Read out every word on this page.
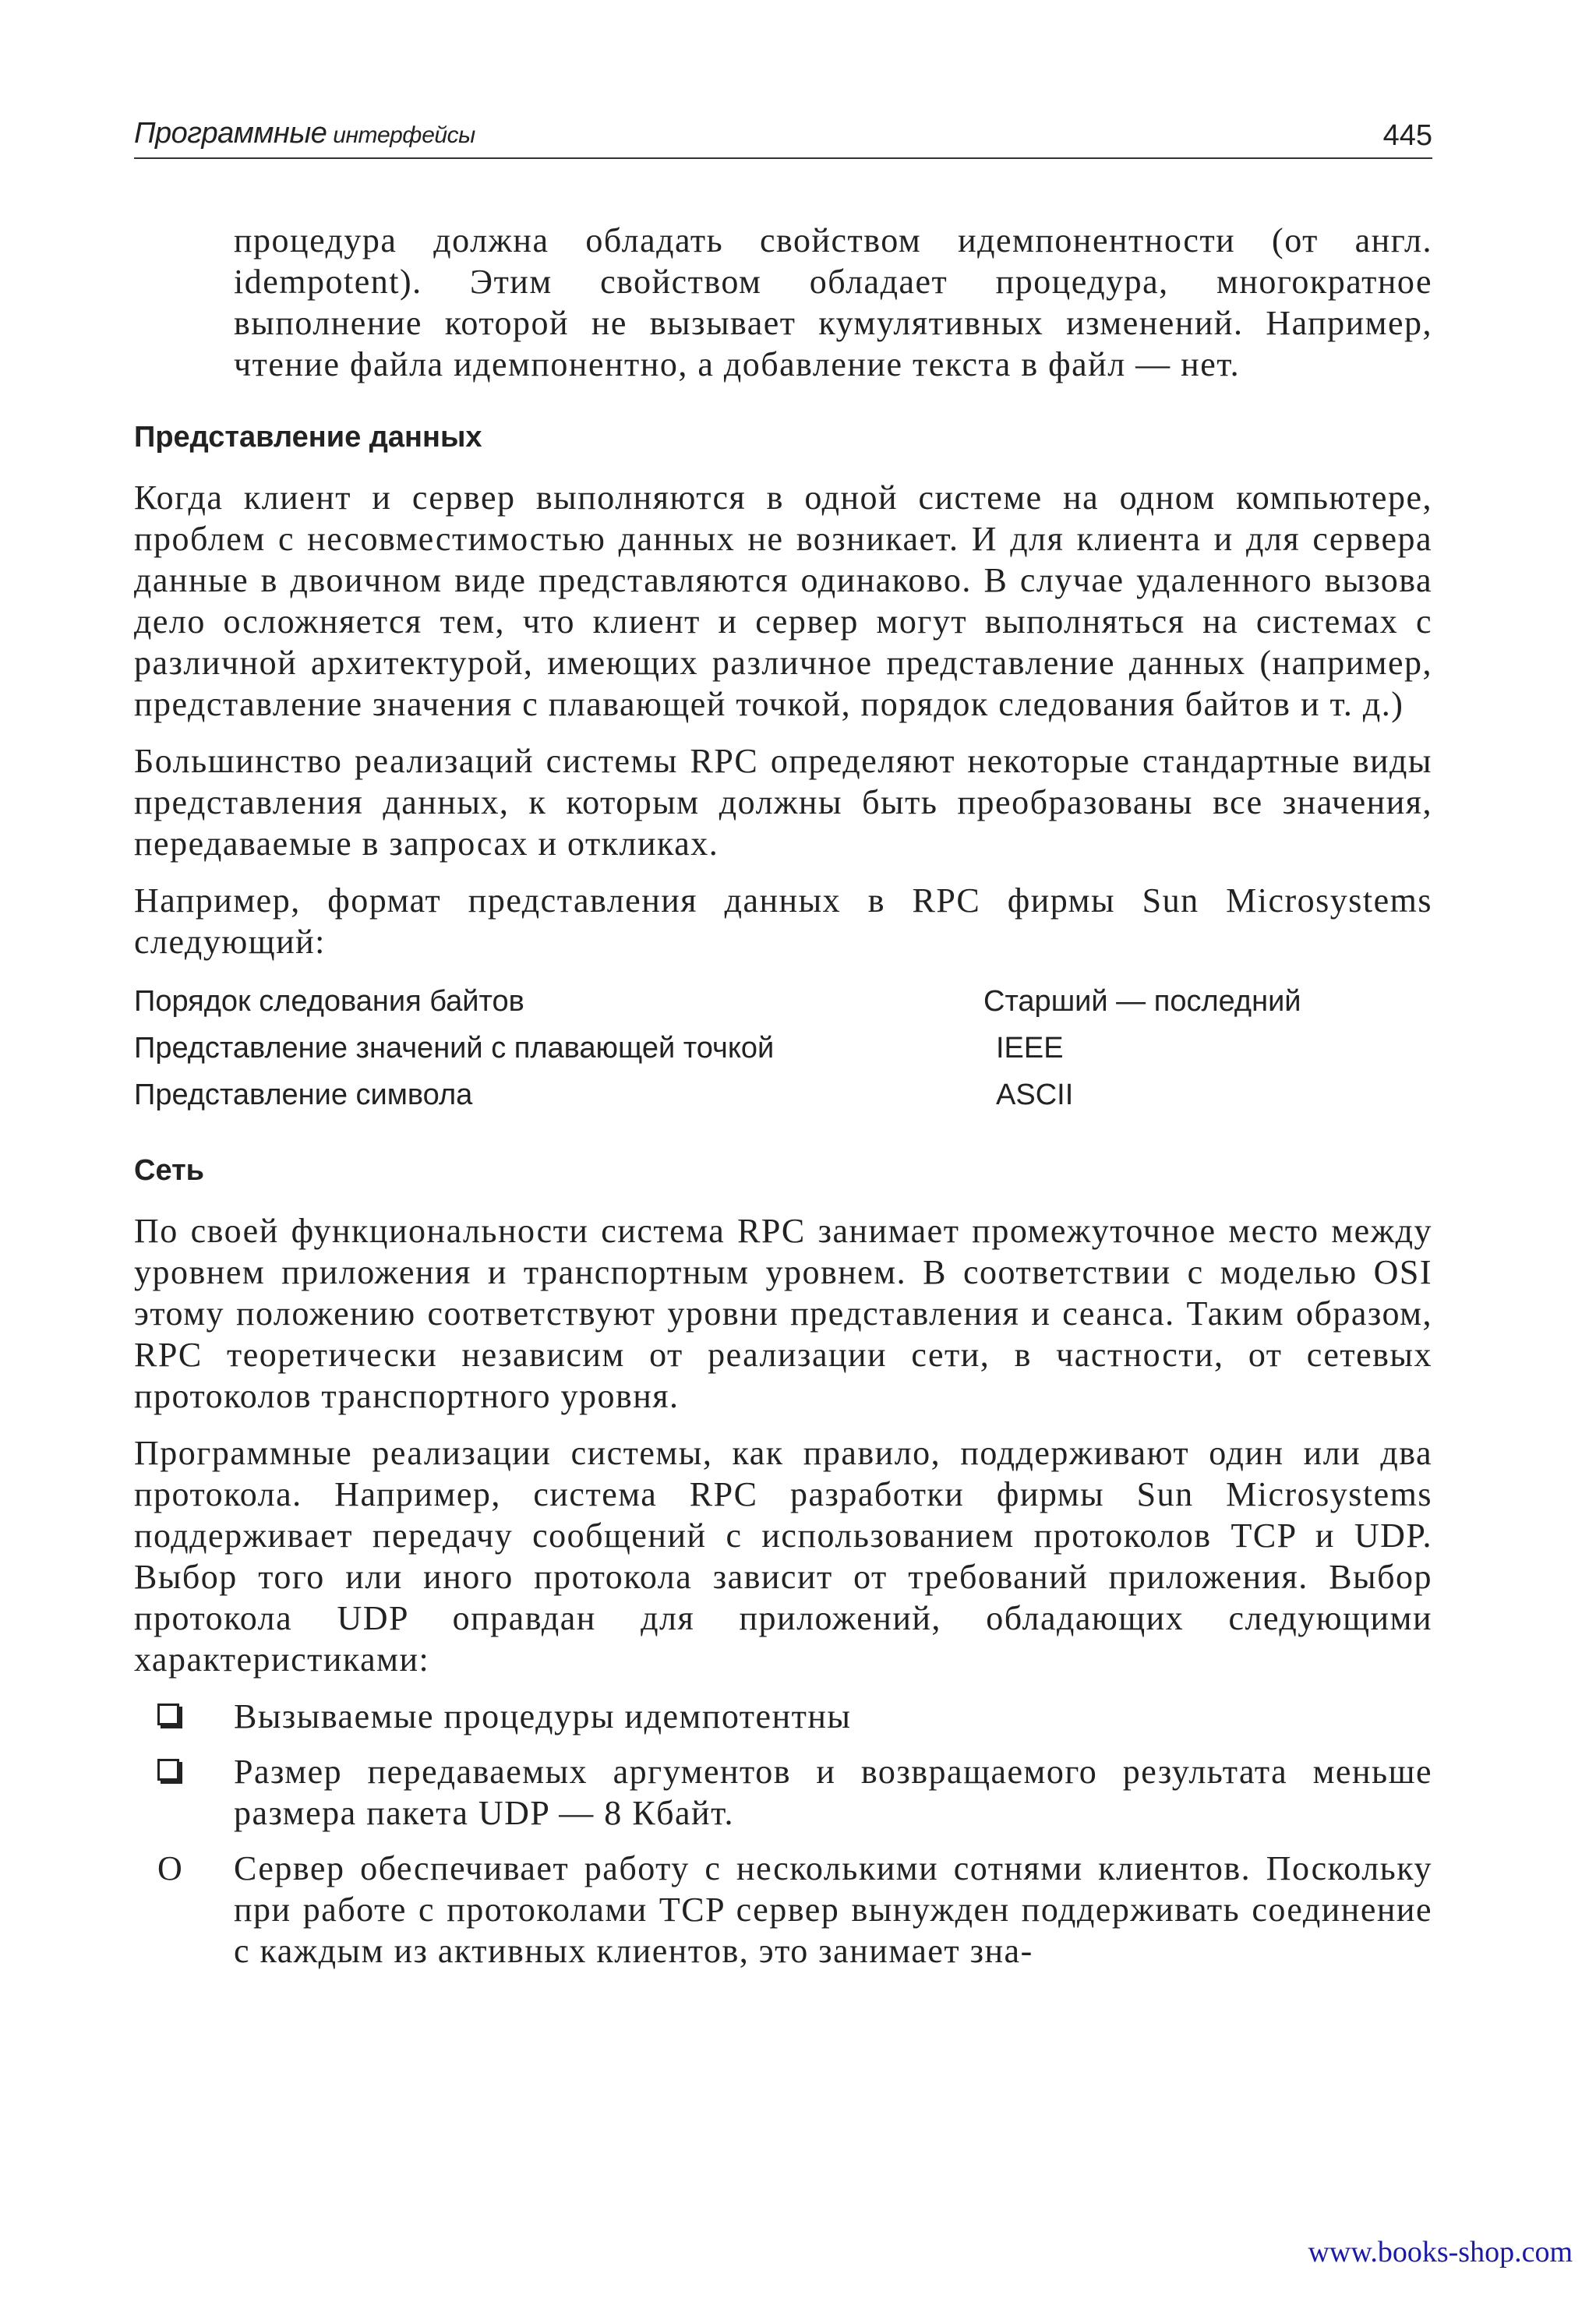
Программные интерфейсы	445

процедура должна обладать свойством идемпонентности (от англ. idempotent). Этим свойством обладает процедура, многократное выполнение которой не вызывает кумулятивных изменений. Например, чтение файла идемпонентно, а добавление текста в файл — нет.

Представление данных

Когда клиент и сервер выполняются в одной системе на одном компьютере, проблем с несовместимостью данных не возникает. И для клиента и для сервера данные в двоичном виде представляются одинаково. В случае удаленного вызова дело осложняется тем, что клиент и сервер могут выполняться на системах с различной архитектурой, имеющих различное представление данных (например, представление значения с плавающей точкой, порядок следования байтов и т. д.)

Большинство реализаций системы RPC определяют некоторые стандартные виды представления данных, к которым должны быть преобразованы все значения, передаваемые в запросах и откликах.

Например, формат представления данных в RPC фирмы Sun Microsystems следующий:

Порядок следования байтов	Старший — последний
Представление значений с плавающей точкой	IEEE
Представление символа	ASCII
Сеть

По своей функциональности система RPC занимает промежуточное место между уровнем приложения и транспортным уровнем. В соответствии с моделью OSI этому положению соответствуют уровни представления и сеанса. Таким образом, RPC теоретически независим от реализации сети, в частности, от сетевых протоколов транспортного уровня.

Программные реализации системы, как правило, поддерживают один или два протокола. Например, система RPC разработки фирмы Sun Microsystems поддерживает передачу сообщений с использованием протоколов TCP и UDP. Выбор того или иного протокола зависит от требований приложения. Выбор протокола UDP оправдан для приложений, обладающих следующими характеристиками:

Вызываемые процедуры идемпотентны
Размер передаваемых аргументов и возвращаемого результата меньше размера пакета UDP — 8 Кбайт.
О Сервер обеспечивает работу с несколькими сотнями клиентов. Поскольку при работе с протоколами TCP сервер вынужден поддерживать соединение с каждым из активных клиентов, это занимает зна-
www.books-shop.com
